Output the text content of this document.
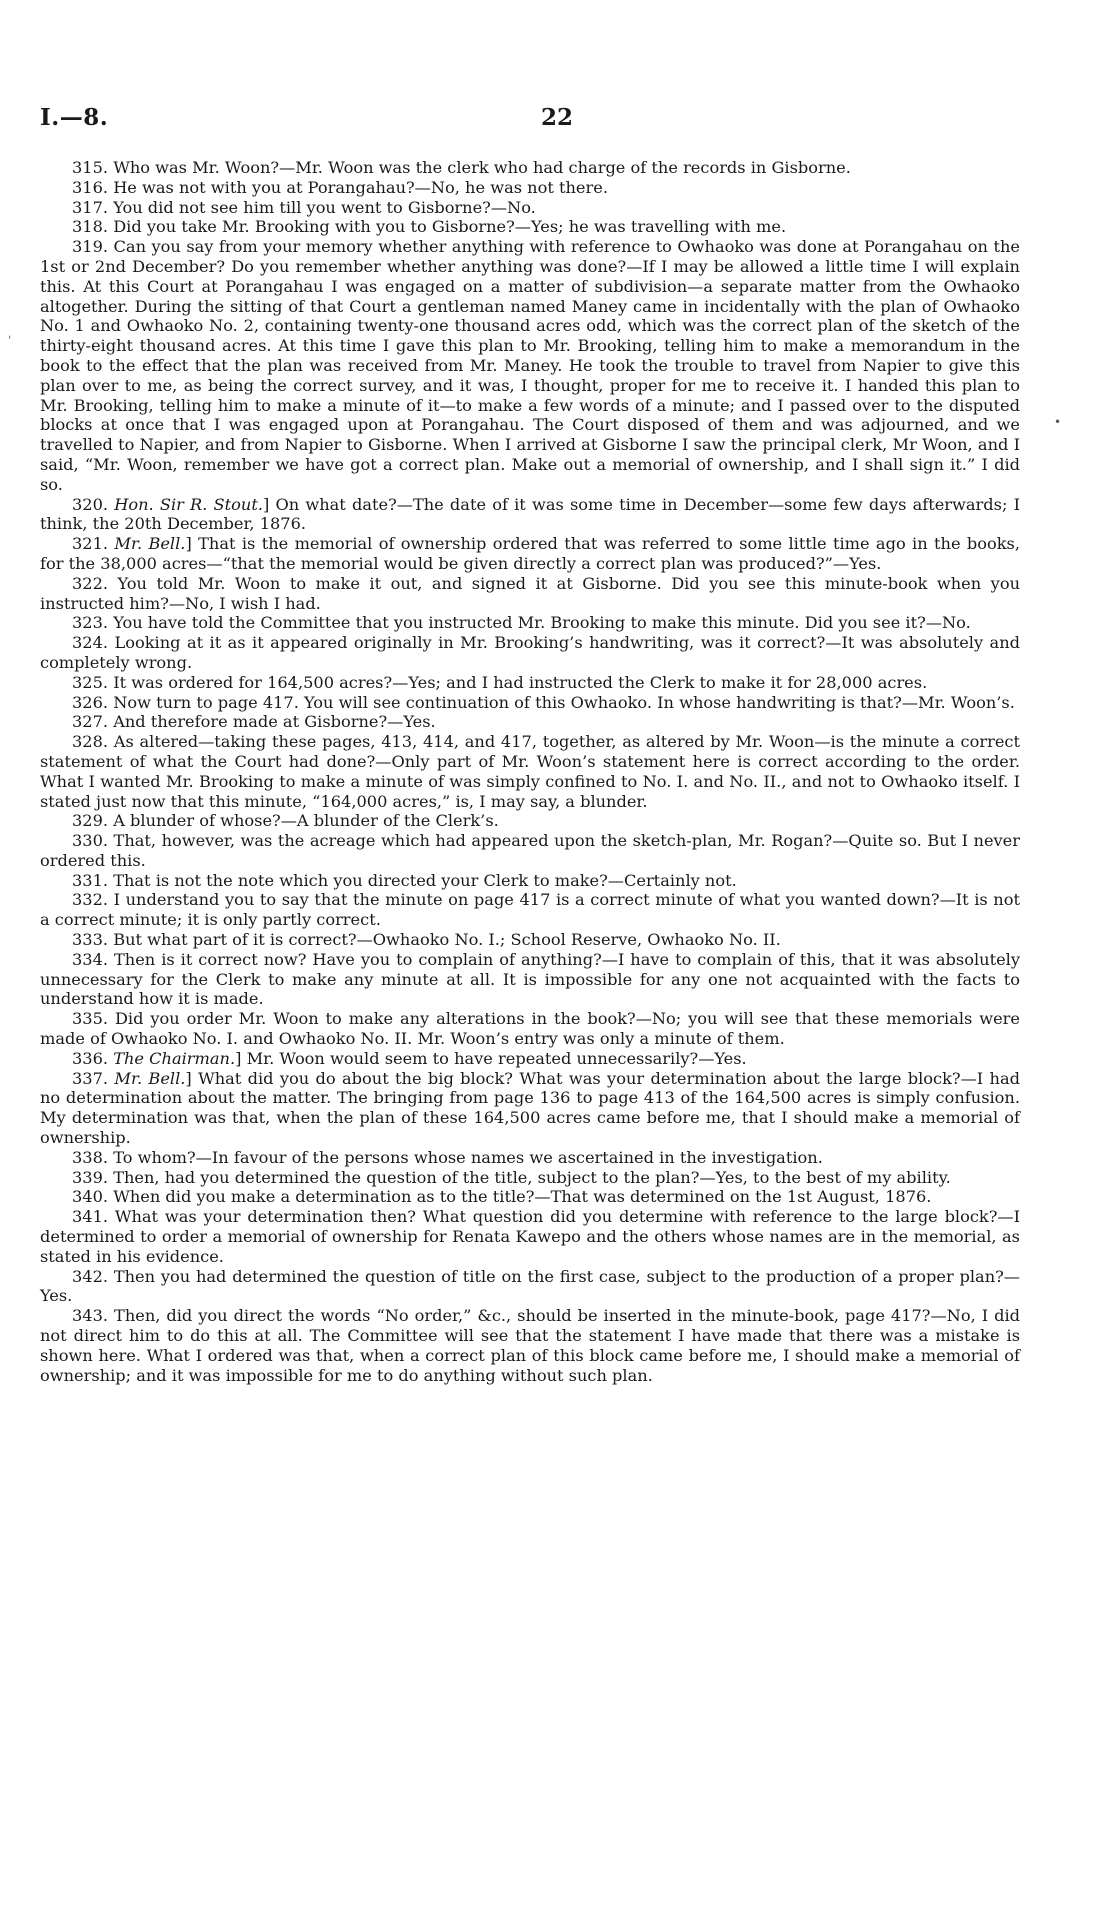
I.—8.	22
ˌ
•

315. Who was Mr. Woon?—Mr. Woon was the clerk who had charge of the records in Gisborne.

316. He was not with you at Porangahau?—No, he was not there.

317. You did not see him till you went to Gisborne?—No.

318. Did you take Mr. Brooking with you to Gisborne?—Yes; he was travelling with me.

319. Can you say from your memory whether anything with reference to Owhaoko was done at Porangahau on the 1st or 2nd December? Do you remember whether anything was done?—If I may be allowed a little time I will explain this. At this Court at Porangahau I was engaged on a matter of subdivision—a separate matter from the Owhaoko altogether. During the sitting of that Court a gentleman named Maney came in incidentally with the plan of Owhaoko No. 1 and Owhaoko No. 2, containing twenty-one thousand acres odd, which was the correct plan of the sketch of the thirty-eight thousand acres. At this time I gave this plan to Mr. Brooking, telling him to make a memorandum in the book to the effect that the plan was received from Mr. Maney. He took the trouble to travel from Napier to give this plan over to me, as being the correct survey, and it was, I thought, proper for me to receive it. I handed this plan to Mr. Brooking, telling him to make a minute of it—to make a few words of a minute; and I passed over to the disputed blocks at once that I was engaged upon at Porangahau. The Court disposed of them and was adjourned, and we travelled to Napier, and from Napier to Gisborne. When I arrived at Gisborne I saw the principal clerk, Mr Woon, and I said, “Mr. Woon, remember we have got a correct plan. Make out a memorial of ownership, and I shall sign it.” I did so.

320. Hon. Sir R. Stout.] On what date?—The date of it was some time in December—some few days afterwards; I think, the 20th December, 1876.

321. Mr. Bell.] That is the memorial of ownership ordered that was referred to some little time ago in the books, for the 38,000 acres—“that the memorial would be given directly a correct plan was produced?”—Yes.

322. You told Mr. Woon to make it out, and signed it at Gisborne. Did you see this minute-book when you instructed him?—No, I wish I had.

323. You have told the Committee that you instructed Mr. Brooking to make this minute. Did you see it?—No.

324. Looking at it as it appeared originally in Mr. Brooking’s handwriting, was it correct?—It was absolutely and completely wrong.

325. It was ordered for 164,500 acres?—Yes; and I had instructed the Clerk to make it for 28,000 acres.

326. Now turn to page 417. You will see continuation of this Owhaoko. In whose handwriting is that?—Mr. Woon’s.

327. And therefore made at Gisborne?—Yes.

328. As altered—taking these pages, 413, 414, and 417, together, as altered by Mr. Woon—is the minute a correct statement of what the Court had done?—Only part of Mr. Woon’s statement here is correct according to the order. What I wanted Mr. Brooking to make a minute of was simply confined to No. I. and No. II., and not to Owhaoko itself. I stated just now that this minute, “164,000 acres,” is, I may say, a blunder.

329. A blunder of whose?—A blunder of the Clerk’s.

330. That, however, was the acreage which had appeared upon the sketch-plan, Mr. Rogan?—Quite so. But I never ordered this.

331. That is not the note which you directed your Clerk to make?—Certainly not.

332. I understand you to say that the minute on page 417 is a correct minute of what you wanted down?—It is not a correct minute; it is only partly correct.

333. But what part of it is correct?—Owhaoko No. I.; School Reserve, Owhaoko No. II.

334. Then is it correct now? Have you to complain of anything?—I have to complain of this, that it was absolutely unnecessary for the Clerk to make any minute at all. It is impossible for any one not acquainted with the facts to understand how it is made.

335. Did you order Mr. Woon to make any alterations in the book?—No; you will see that these memorials were made of Owhaoko No. I. and Owhaoko No. II. Mr. Woon’s entry was only a minute of them.

336. The Chairman.] Mr. Woon would seem to have repeated unnecessarily?—Yes.

337. Mr. Bell.] What did you do about the big block? What was your determination about the large block?—I had no determination about the matter. The bringing from page 136 to page 413 of the 164,500 acres is simply confusion. My determination was that, when the plan of these 164,500 acres came before me, that I should make a memorial of ownership.

338. To whom?—In favour of the persons whose names we ascertained in the investigation.

339. Then, had you determined the question of the title, subject to the plan?—Yes, to the best of my ability.

340. When did you make a determination as to the title?—That was determined on the 1st August, 1876.

341. What was your determination then? What question did you determine with reference to the large block?—I determined to order a memorial of ownership for Renata Kawepo and the others whose names are in the memorial, as stated in his evidence.

342. Then you had determined the question of title on the first case, subject to the production of a proper plan?—Yes.

343. Then, did you direct the words “No order,” &c., should be inserted in the minute-book, page 417?—No, I did not direct him to do this at all. The Committee will see that the statement I have made that there was a mistake is shown here. What I ordered was that, when a correct plan of this block came before me, I should make a memorial of ownership; and it was impossible for me to do anything without such plan.
